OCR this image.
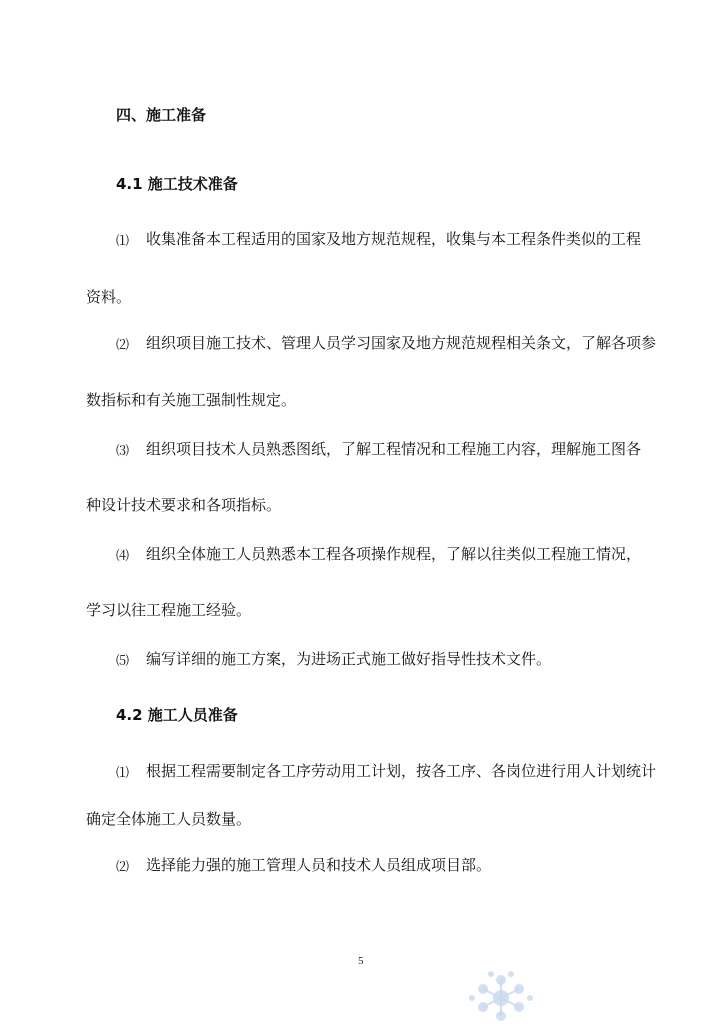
四、施工准备
4.1 施工技术准备
⑴ 收集准备本工程适用的国家及地方规范规程，收集与本工程条件类似的工程
资料。
⑵ 组织项目施工技术、管理人员学习国家及地方规范规程相关条文，了解各项参
数指标和有关施工强制性规定。
⑶ 组织项目技术人员熟悉图纸，了解工程情况和工程施工内容，理解施工图各
种设计技术要求和各项指标。
⑷ 组织全体施工人员熟悉本工程各项操作规程，了解以往类似工程施工情况，
学习以往工程施工经验。
⑸ 编写详细的施工方案，为进场正式施工做好指导性技术文件。
4.2 施工人员准备
⑴ 根据工程需要制定各工序劳动用工计划，按各工序、各岗位进行用人计划统计
确定全体施工人员数量。
⑵ 选择能力强的施工管理人员和技术人员组成项目部。
5
